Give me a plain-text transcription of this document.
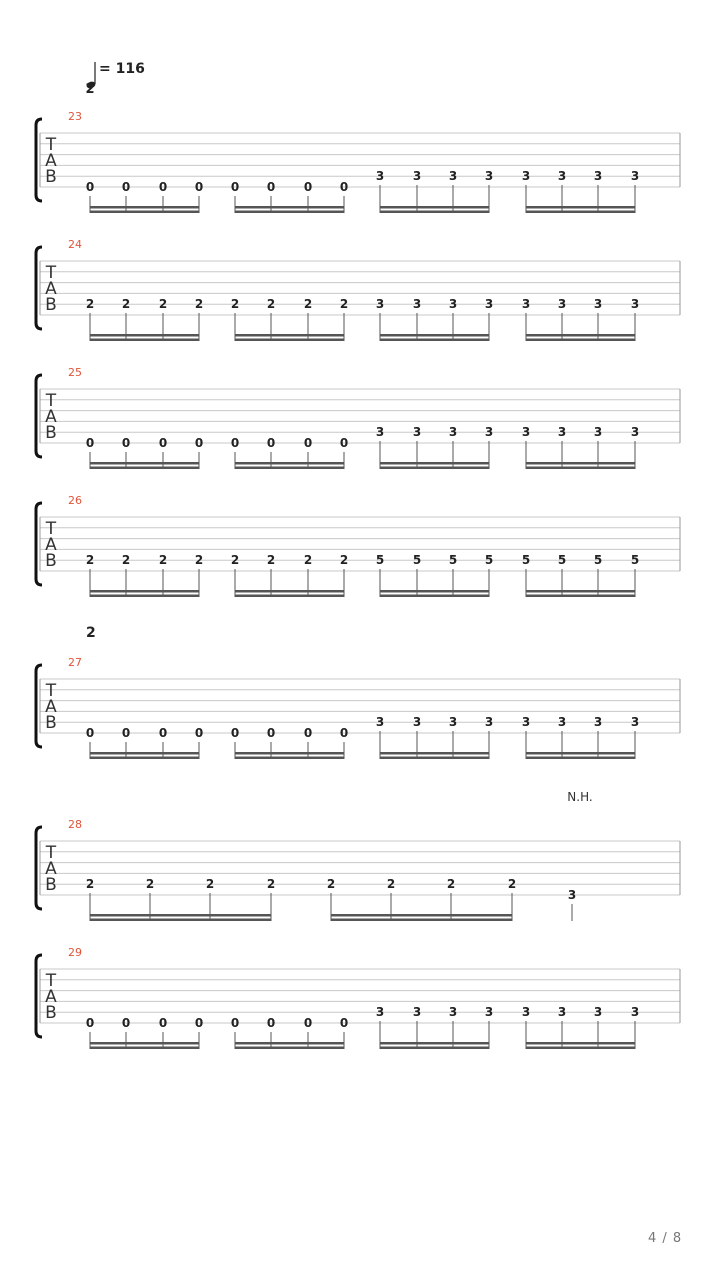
= 116
2
2
T
A
B
23
0 0 0 0 0 0 0 0
3 3 3 3 3 3 3 3
T
A
B
24
2 2 2 2 2 2 2 2 3 3 3 3 3 3 3 3
T
A
B
25
0 0 0 0 0 0 0 0
3 3 3 3 3 3 3 3
T
A
B
26
2 2 2 2 2 2 2 2 5 5 5 5 5 5 5 5
T
A
B
27
0 0 0 0 0 0 0 0
3 3 3 3 3 3 3 3
T
A
B
28
2	2	2	2	2	2	2	2
3
N.H.
T
A
B
29
0 0 0 0 0 0 0 0
3 3 3 3 3 3 3 3
4 / 8
